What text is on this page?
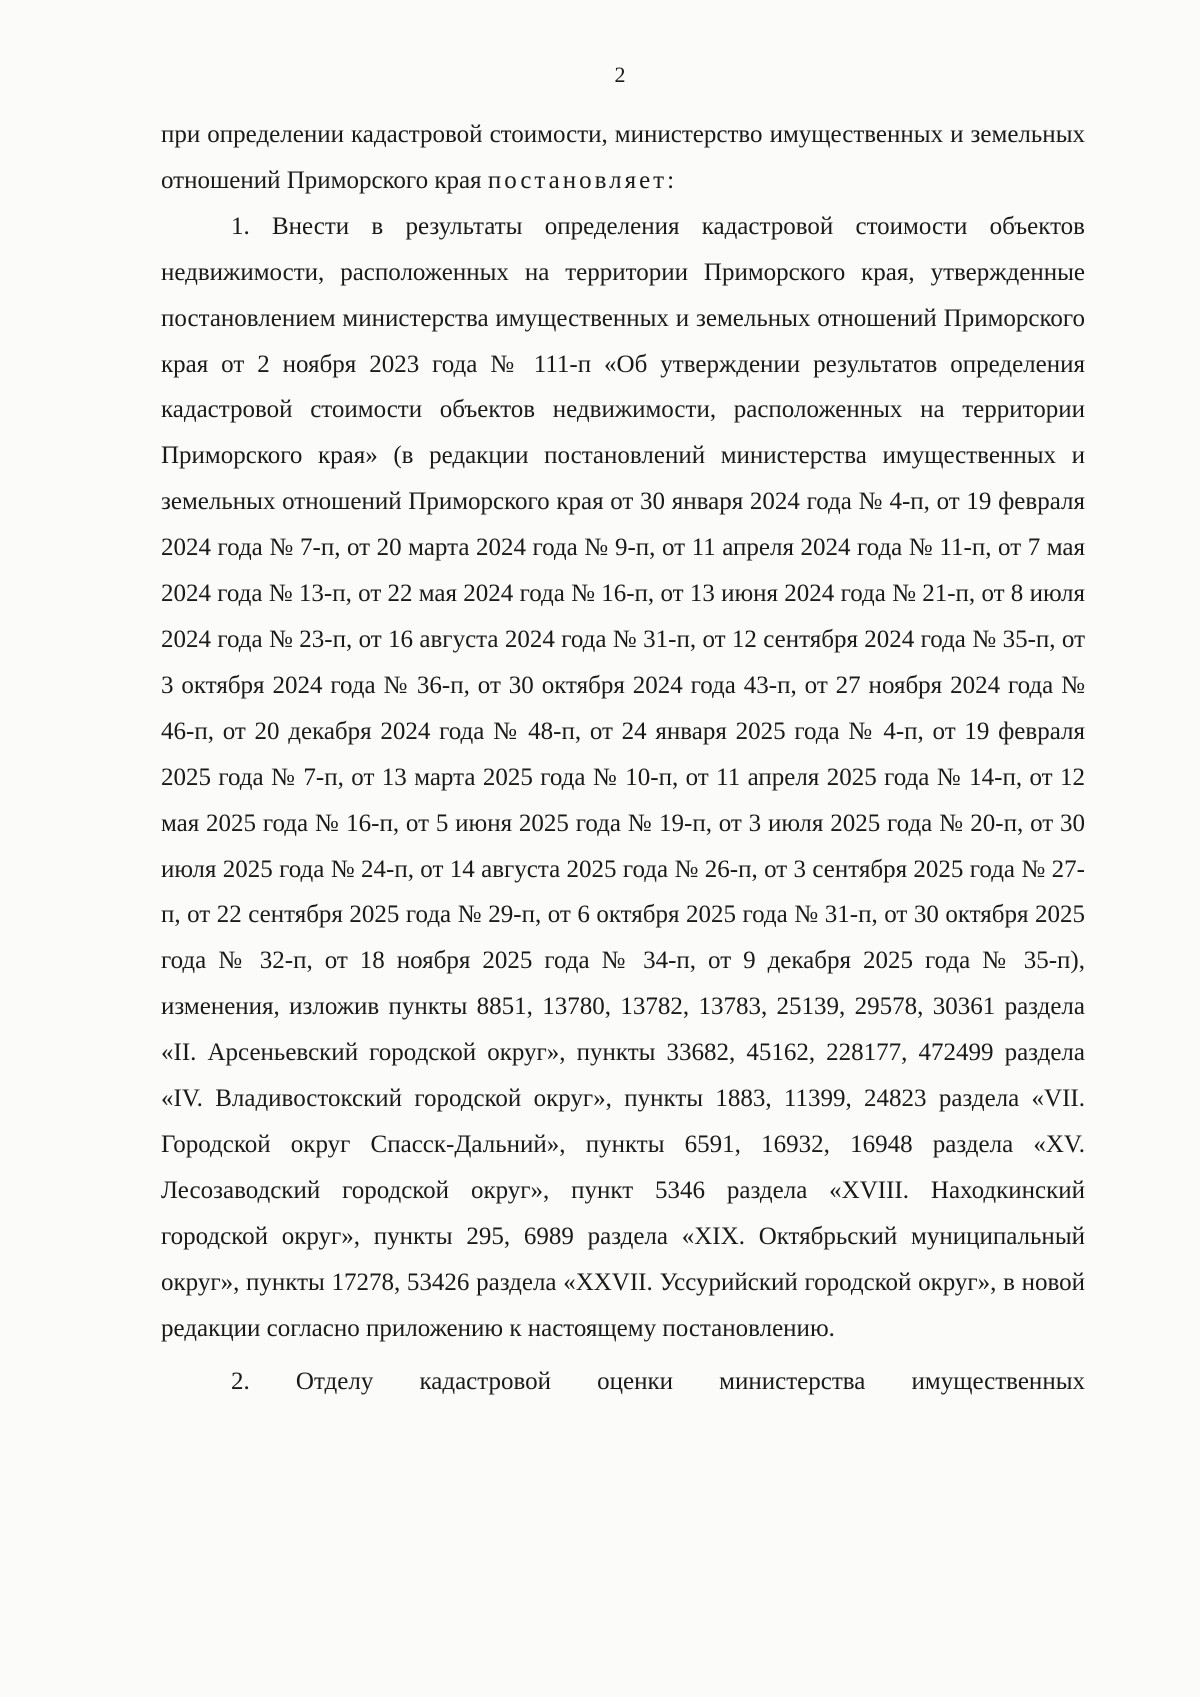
2

при определении кадастровой стоимости, министерство имущественных и земельных отношений Приморского края постановляет:

1. Внести в результаты определения кадастровой стоимости объектов недвижимости, расположенных на территории Приморского края, утвержденные постановлением министерства имущественных и земельных отношений Приморского края от 2 ноября 2023 года № 111-п «Об утверждении результатов определения кадастровой стоимости объектов недвижимости, расположенных на территории Приморского края» (в редакции постановлений министерства имущественных и земельных отношений Приморского края от 30 января 2024 года № 4-п, от 19 февраля 2024 года № 7-п, от 20 марта 2024 года № 9-п, от 11 апреля 2024 года № 11-п, от 7 мая 2024 года № 13-п, от 22 мая 2024 года № 16-п, от 13 июня 2024 года № 21-п, от 8 июля 2024 года № 23-п, от 16 августа 2024 года № 31-п, от 12 сентября 2024 года № 35-п, от 3 октября 2024 года № 36-п, от 30 октября 2024 года 43-п, от 27 ноября 2024 года № 46-п, от 20 декабря 2024 года № 48-п, от 24 января 2025 года № 4-п, от 19 февраля 2025 года № 7-п, от 13 марта 2025 года № 10-п, от 11 апреля 2025 года № 14-п, от 12 мая 2025 года № 16-п, от 5 июня 2025 года № 19-п, от 3 июля 2025 года № 20-п, от 30 июля 2025 года № 24-п, от 14 августа 2025 года № 26-п, от 3 сентября 2025 года № 27-п, от 22 сентября 2025 года № 29-п, от 6 октября 2025 года № 31-п, от 30 октября 2025 года № 32-п, от 18 ноября 2025 года № 34-п, от 9 декабря 2025 года № 35-п), изменения, изложив пункты 8851, 13780, 13782, 13783, 25139, 29578, 30361 раздела «II. Арсеньевский городской округ», пункты 33682, 45162, 228177, 472499 раздела «IV. Владивостокский городской округ», пункты 1883, 11399, 24823 раздела «VII. Городской округ Спасск-Дальний», пункты 6591, 16932, 16948 раздела «XV. Лесозаводский городской округ», пункт 5346 раздела «XVIII. Находкинский городской округ», пункты 295, 6989 раздела «XIX. Октябрьский муниципальный округ», пункты 17278, 53426 раздела «XXVII. Уссурийский городской округ», в новой редакции согласно приложению к настоящему постановлению.

2. Отделу кадастровой оценки министерства имущественных
